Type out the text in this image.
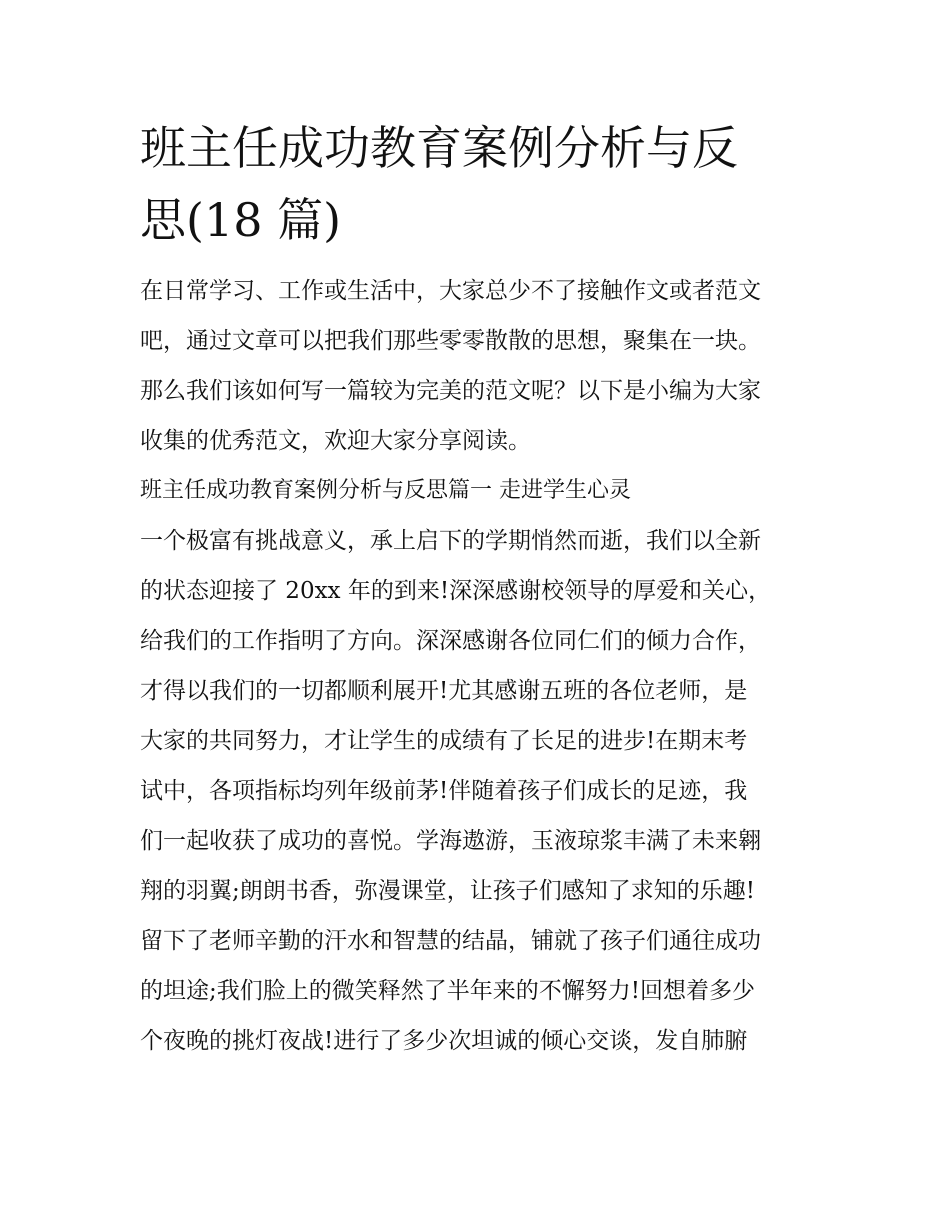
班主任成功教育案例分析与反
思(18 篇)

在日常学习、工作或生活中，大家总少不了接触作文或者范文
吧，通过文章可以把我们那些零零散散的思想，聚集在一块。
那么我们该如何写一篇较为完美的范文呢？以下是小编为大家
收集的优秀范文，欢迎大家分享阅读。

班主任成功教育案例分析与反思篇一 走进学生心灵

一个极富有挑战意义，承上启下的学期悄然而逝，我们以全新
的状态迎接了 20xx 年的到来!深深感谢校领导的厚爱和关心，
给我们的工作指明了方向。深深感谢各位同仁们的倾力合作，
才得以我们的一切都顺利展开!尤其感谢五班的各位老师，是
大家的共同努力，才让学生的成绩有了长足的进步!在期末考
试中，各项指标均列年级前茅!伴随着孩子们成长的足迹，我
们一起收获了成功的喜悦。学海遨游，玉液琼浆丰满了未来翱
翔的羽翼;朗朗书香，弥漫课堂，让孩子们感知了求知的乐趣!
留下了老师辛勤的汗水和智慧的结晶，铺就了孩子们通往成功
的坦途;我们脸上的微笑释然了半年来的不懈努力!回想着多少
个夜晚的挑灯夜战!进行了多少次坦诚的倾心交谈，发自肺腑
